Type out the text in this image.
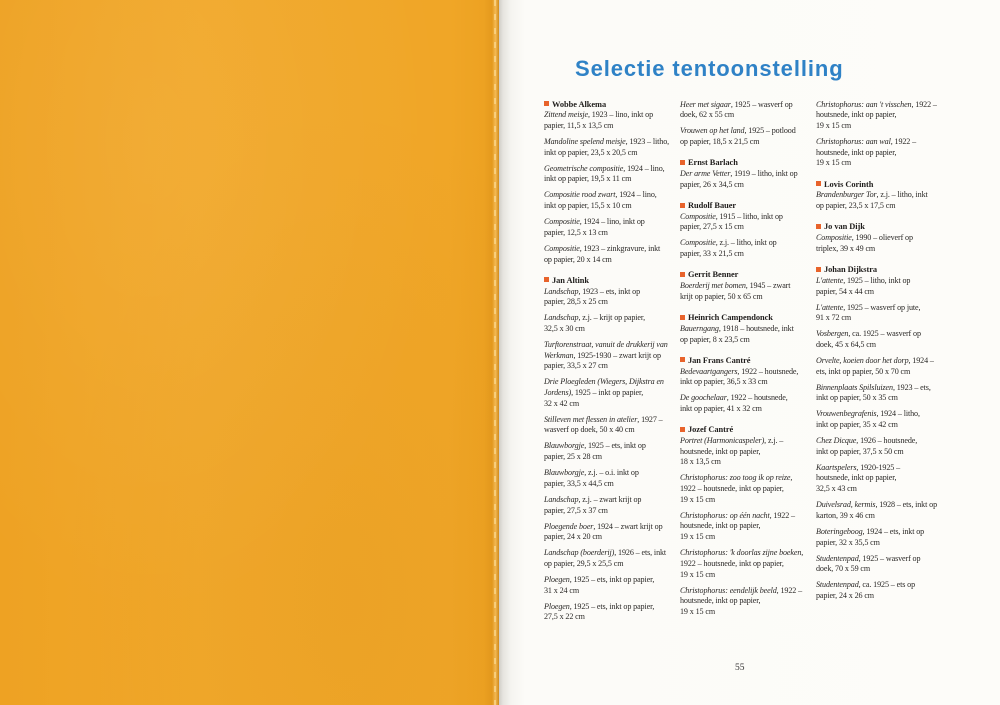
Selectie tentoonstelling
Wobbe Alkema

Zittend meisje, 1923 – lino, inkt op
papier, 11,5 x 13,5 cm

Mandoline spelend meisje, 1923 – litho,
inkt op papier, 23,5 x 20,5 cm

Geometrische compositie, 1924 – lino,
inkt op papier, 19,5 x 11 cm

Compositie rood zwart, 1924 – lino,
inkt op papier, 15,5 x 10 cm

Compositie, 1924 – lino, inkt op
papier, 12,5 x 13 cm

Compositie, 1923 – zinkgravure, inkt
op papier, 20 x 14 cm

Jan Altink

Landschap, 1923 – ets, inkt op
papier, 28,5 x 25 cm

Landschap, z.j. – krijt op papier,
32,5 x 30 cm

Turftorenstraat, vanuit de drukkerij van
Werkman, 1925-1930 – zwart krijt op
papier, 33,5 x 27 cm

Drie Ploegleden (Wiegers, Dijkstra en
Jordens), 1925 – inkt op papier,
32 x 42 cm

Stilleven met flessen in atelier, 1927 –
wasverf op doek, 50 x 40 cm

Blauwborgje, 1925 – ets, inkt op
papier, 25 x 28 cm

Blauwborgje, z.j. – o.i. inkt op
papier, 33,5 x 44,5 cm

Landschap, z.j. – zwart krijt op
papier, 27,5 x 37 cm

Ploegende boer, 1924 – zwart krijt op
papier, 24 x 20 cm

Landschap (boerderij), 1926 – ets, inkt
op papier, 29,5 x 25,5 cm

Ploegen, 1925 – ets, inkt op papier,
31 x 24 cm

Ploegen, 1925 – ets, inkt op papier,
27,5 x 22 cm

Heer met sigaar, 1925 – wasverf op
doek, 62 x 55 cm

Vrouwen op het land, 1925 – potlood
op papier, 18,5 x 21,5 cm

Ernst Barlach

Der arme Vetter, 1919 – litho, inkt op
papier, 26 x 34,5 cm

Rudolf Bauer

Compositie, 1915 – litho, inkt op
papier, 27,5 x 15 cm

Compositie, z.j. – litho, inkt op
papier, 33 x 21,5 cm

Gerrit Benner

Boerderij met bomen, 1945 – zwart
krijt op papier, 50 x 65 cm

Heinrich Campendonck

Bauerngang, 1918 – houtsnede, inkt
op papier, 8 x 23,5 cm

Jan Frans Cantré

Bedevaartgangers, 1922 – houtsnede,
inkt op papier, 36,5 x 33 cm

De goochelaar, 1922 – houtsnede,
inkt op papier, 41 x 32 cm

Jozef Cantré

Portret (Harmonicaspeler), z.j. –
houtsnede, inkt op papier,
18 x 13,5 cm

Christophorus: zoo toog ik op reize,
1922 – houtsnede, inkt op papier,
19 x 15 cm

Christophorus: op één nacht, 1922 –
houtsnede, inkt op papier,
19 x 15 cm

Christophorus: 'k doorlas zijne boeken,
1922 – houtsnede, inkt op papier,
19 x 15 cm

Christophorus: eendelijk beeld, 1922 –
houtsnede, inkt op papier,
19 x 15 cm

Christophorus: aan 't visschen, 1922 –
houtsnede, inkt op papier,
19 x 15 cm

Christophorus: aan wal, 1922 –
houtsnede, inkt op papier,
19 x 15 cm

Lovis Corinth

Brandenburger Tor, z.j. – litho, inkt
op papier, 23,5 x 17,5 cm

Jo van Dijk

Compositie, 1990 – olieverf op
triplex, 39 x 49 cm

Johan Dijkstra

L'attente, 1925 – litho, inkt op
papier, 54 x 44 cm

L'attente, 1925 – wasverf op jute,
91 x 72 cm

Vosbergen, ca. 1925 – wasverf op
doek, 45 x 64,5 cm

Orvelte, koeien door het dorp, 1924 –
ets, inkt op papier, 50 x 70 cm

Binnenplaats Spilsluizen, 1923 – ets,
inkt op papier, 50 x 35 cm

Vrouwenbegrafenis, 1924 – litho,
inkt op papier, 35 x 42 cm

Chez Dicque, 1926 – houtsnede,
inkt op papier, 37,5 x 50 cm

Kaartspelers, 1920-1925 –
houtsnede, inkt op papier,
32,5 x 43 cm

Duivelsrad, kermis, 1928 – ets, inkt op
karton, 39 x 46 cm

Boteringeboog, 1924 – ets, inkt op
papier, 32 x 35,5 cm

Studentenpad, 1925 – wasverf op
doek, 70 x 59 cm

Studentenpad, ca. 1925 – ets op
papier, 24 x 26 cm

55
